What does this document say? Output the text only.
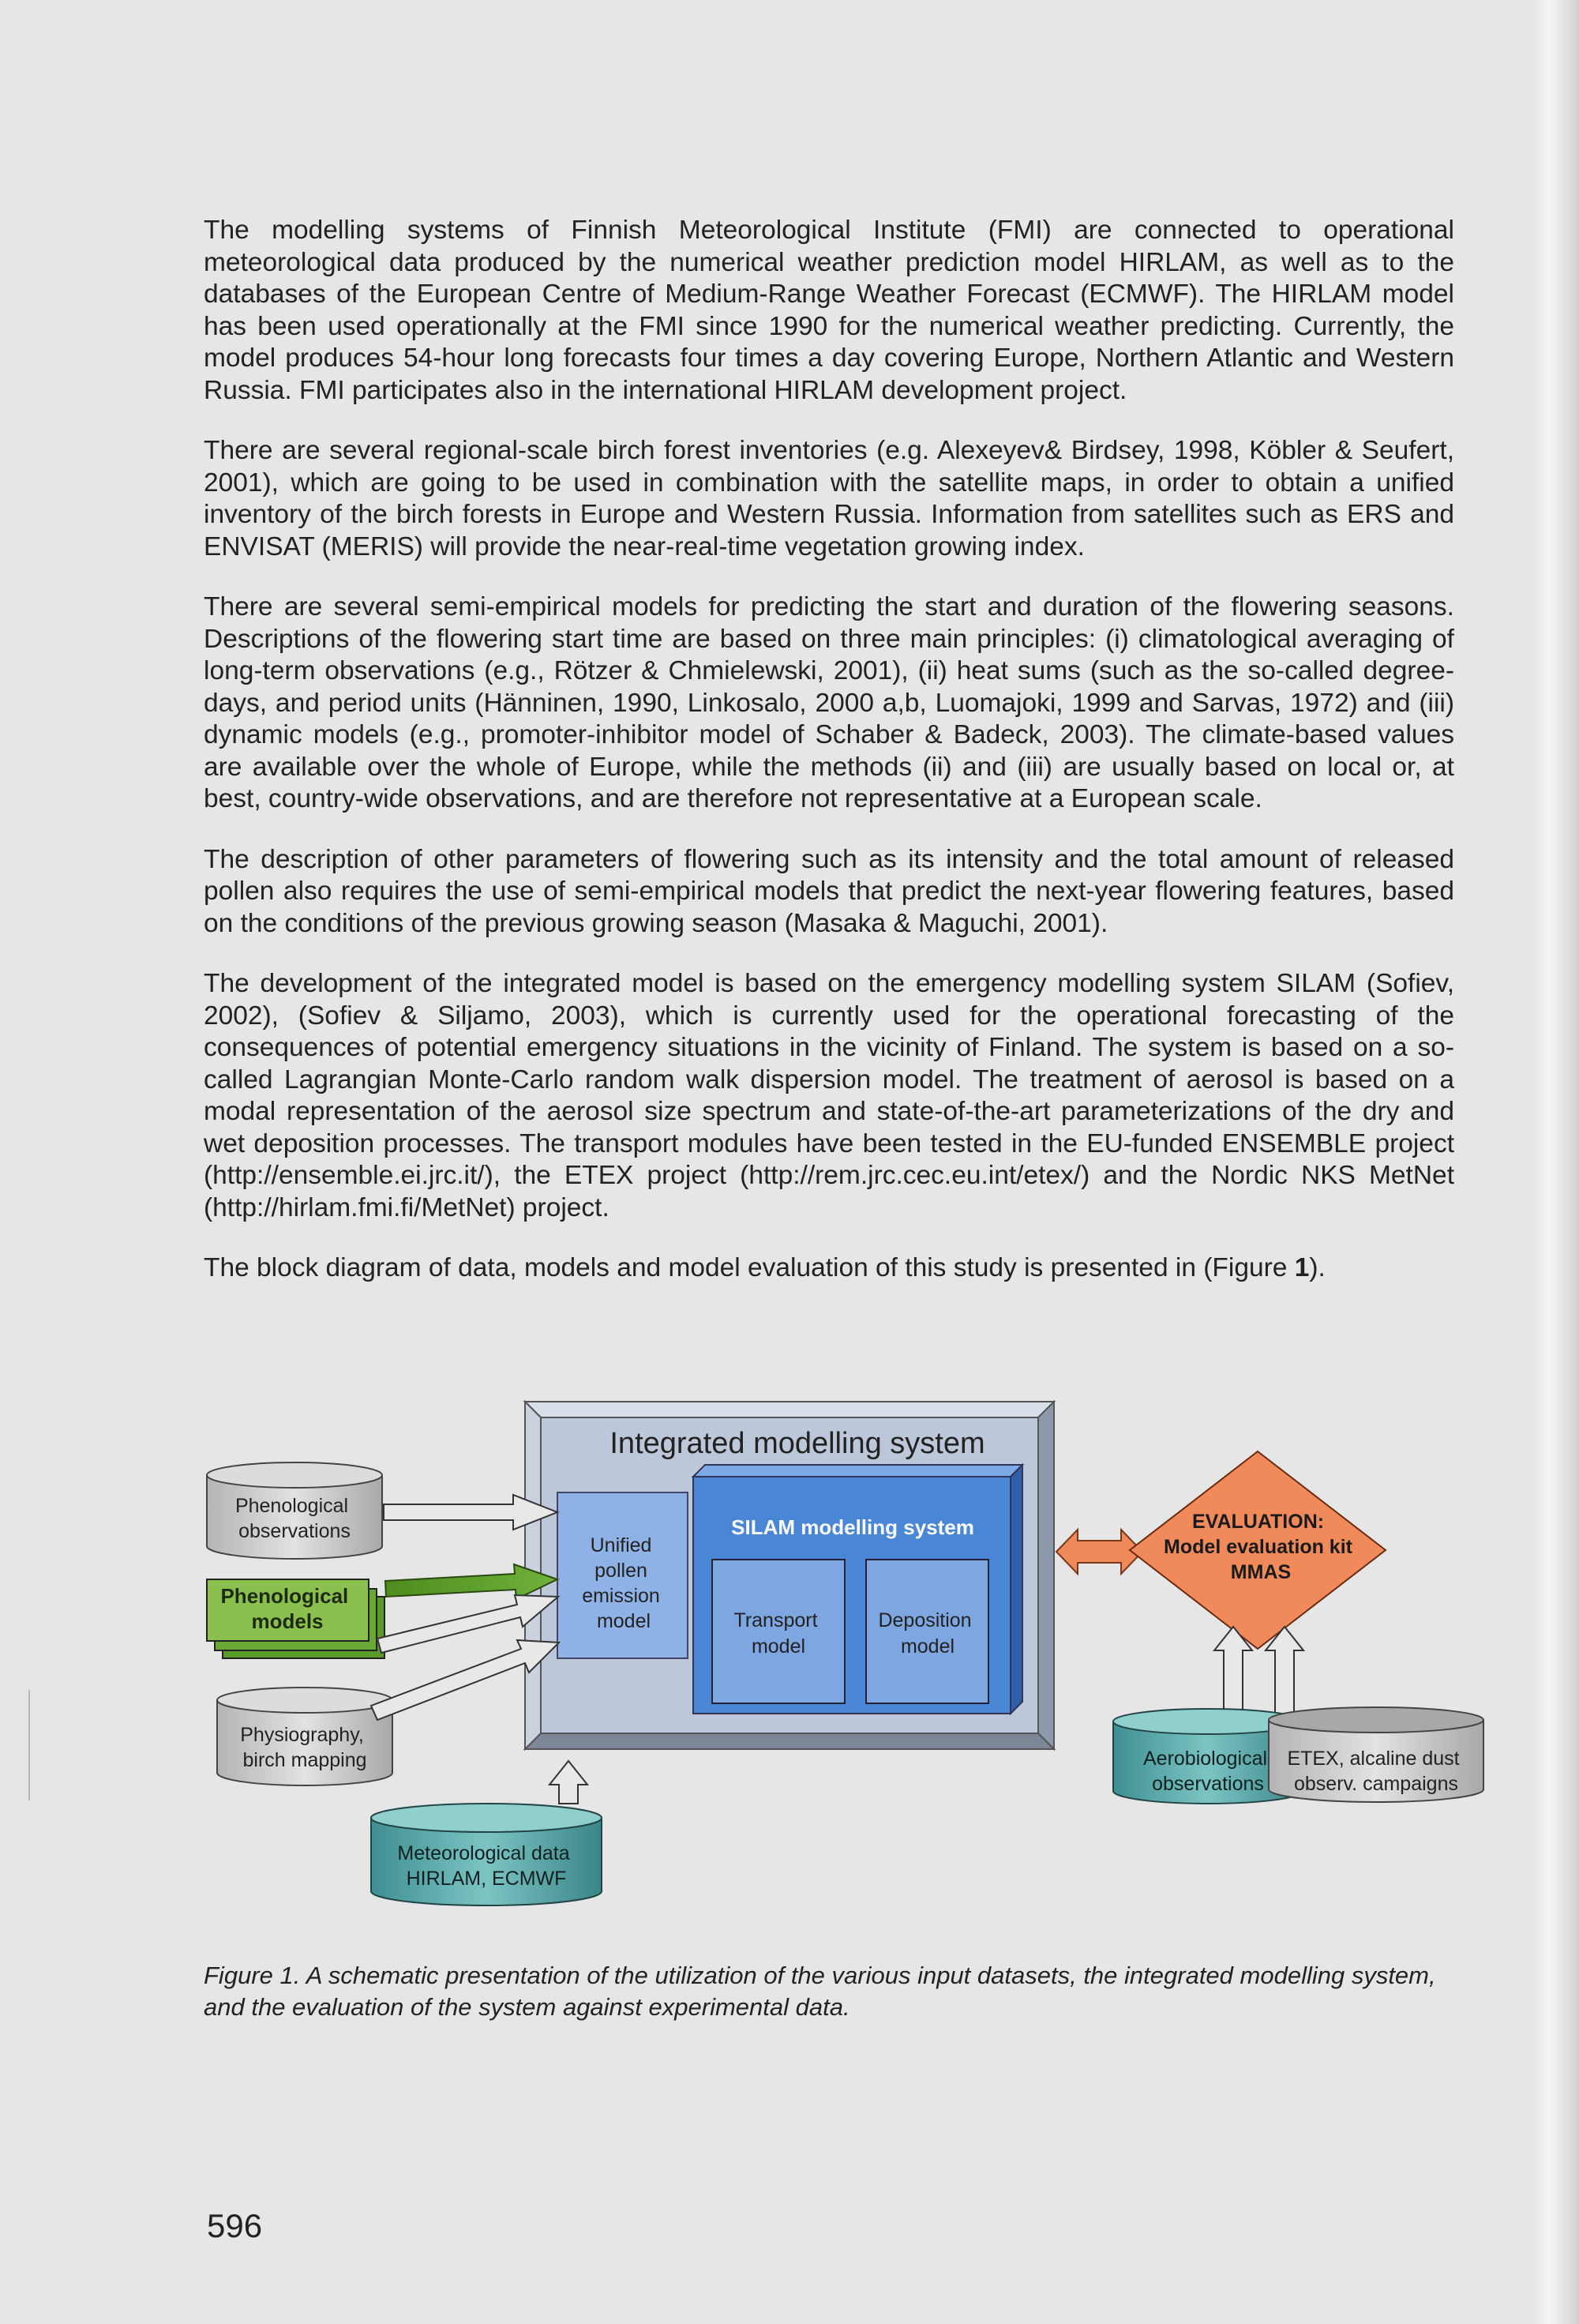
The modelling systems of Finnish Meteorological Institute (FMI) are connected to operational meteorological data produced by the numerical weather prediction model HIRLAM, as well as to the databases of the European Centre of Medium-Range Weather Forecast (ECMWF). The HIRLAM model has been used operationally at the FMI since 1990 for the numerical weather predicting. Currently, the model produces 54-hour long forecasts four times a day covering Europe, Northern Atlantic and Western Russia. FMI participates also in the international HIRLAM development project.

There are several regional-scale birch forest inventories (e.g. Alexeyev& Birdsey, 1998, Köbler & Seufert, 2001), which are going to be used in combination with the satellite maps, in order to obtain a unified inventory of the birch forests in Europe and Western Russia. Information from satellites such as ERS and ENVISAT (MERIS) will provide the near-real-time vegetation growing index.

There are several semi-empirical models for predicting the start and duration of the flowering seasons. Descriptions of the flowering start time are based on three main principles: (i) climatological averaging of long-term observations (e.g., Rötzer & Chmielewski, 2001), (ii) heat sums (such as the so-called degree-days, and period units (Hänninen, 1990, Linkosalo, 2000 a,b, Luomajoki, 1999 and Sarvas, 1972) and (iii) dynamic models (e.g., promoter-inhibitor model of Schaber & Badeck, 2003). The climate-based values are available over the whole of Europe, while the methods (ii) and (iii) are usually based on local or, at best, country-wide observations, and are therefore not representative at a European scale.

The description of other parameters of flowering such as its intensity and the total amount of released pollen also requires the use of semi-empirical models that predict the next-year flowering features, based on the conditions of the previous growing season (Masaka & Maguchi, 2001).

The development of the integrated model is based on the emergency modelling system SILAM (Sofiev, 2002), (Sofiev & Siljamo, 2003), which is currently used for the operational forecasting of the consequences of potential emergency situations in the vicinity of Finland. The system is based on a so-called Lagrangian Monte-Carlo random walk dispersion model. The treatment of aerosol is based on a modal representation of the aerosol size spectrum and state-of-the-art parameterizations of the dry and wet deposition processes. The transport modules have been tested in the EU-funded ENSEMBLE project (http://ensemble.ei.jrc.it/), the ETEX project (http://rem.jrc.cec.eu.int/etex/) and the Nordic NKS MetNet (http://hirlam.fmi.fi/MetNet) project.

The block diagram of data, models and model evaluation of this study is presented in (Figure 1).

Integrated modelling system
Unified pollen emission model
SILAM modelling system
Transport model
Deposition model
Phenological observations
Phenological models
Physiography, birch mapping
Meteorological data HIRLAM, ECMWF
EVALUATION: Model evaluation kit MMAS
Aerobiological observations
ETEX, alcaline dust observ. campaigns
Figure 1. A schematic presentation of the utilization of the various input datasets, the integrated modelling system, and the evaluation of the system against experimental data.
596
